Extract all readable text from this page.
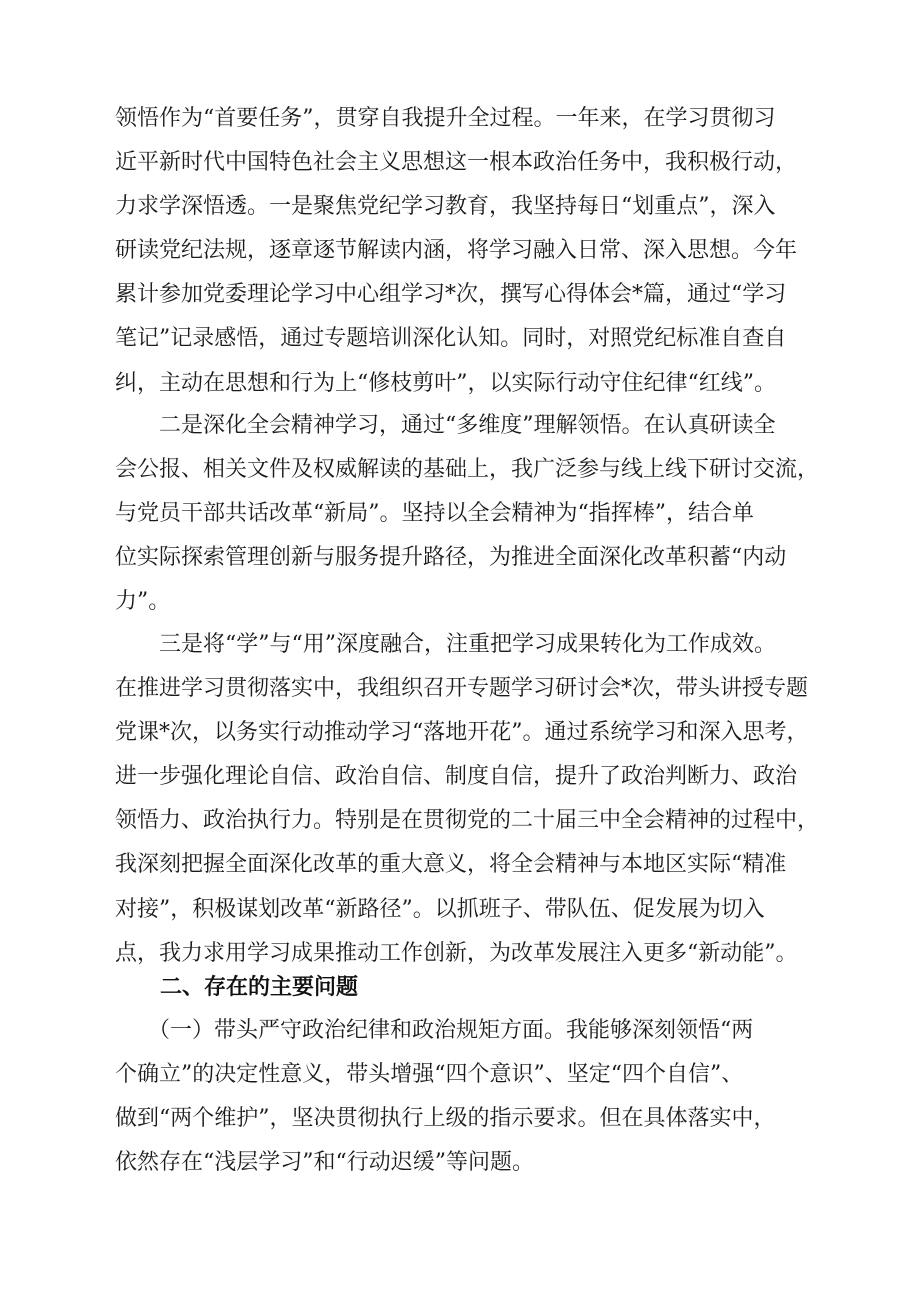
领悟作为“首要任务”，贯穿自我提升全过程。一年来，在学习贯彻习
近平新时代中国特色社会主义思想这一根本政治任务中，我积极行动，
力求学深悟透。一是聚焦党纪学习教育，我坚持每日“划重点”，深入
研读党纪法规，逐章逐节解读内涵，将学习融入日常、深入思想。今年
累计参加党委理论学习中心组学习*次，撰写心得体会*篇，通过“学习
笔记”记录感悟，通过专题培训深化认知。同时，对照党纪标准自查自
纠，主动在思想和行为上“修枝剪叶”，以实际行动守住纪律“红线”。
　　二是深化全会精神学习，通过“多维度”理解领悟。在认真研读全
会公报、相关文件及权威解读的基础上，我广泛参与线上线下研讨交流，
与党员干部共话改革“新局”。坚持以全会精神为“指挥棒”，结合单
位实际探索管理创新与服务提升路径，为推进全面深化改革积蓄“内动
力”。
　　三是将“学”与“用”深度融合，注重把学习成果转化为工作成效。
在推进学习贯彻落实中，我组织召开专题学习研讨会*次，带头讲授专题
党课*次，以务实行动推动学习“落地开花”。通过系统学习和深入思考，
进一步强化理论自信、政治自信、制度自信，提升了政治判断力、政治
领悟力、政治执行力。特别是在贯彻党的二十届三中全会精神的过程中，
我深刻把握全面深化改革的重大意义，将全会精神与本地区实际“精准
对接”，积极谋划改革“新路径”。以抓班子、带队伍、促发展为切入
点，我力求用学习成果推动工作创新，为改革发展注入更多“新动能”。
二、存在的主要问题
　　（一）带头严守政治纪律和政治规矩方面。我能够深刻领悟“两
个确立”的决定性意义，带头增强“四个意识”、坚定“四个自信”、
做到“两个维护”，坚决贯彻执行上级的指示要求。但在具体落实中，
依然存在“浅层学习”和“行动迟缓”等问题。
